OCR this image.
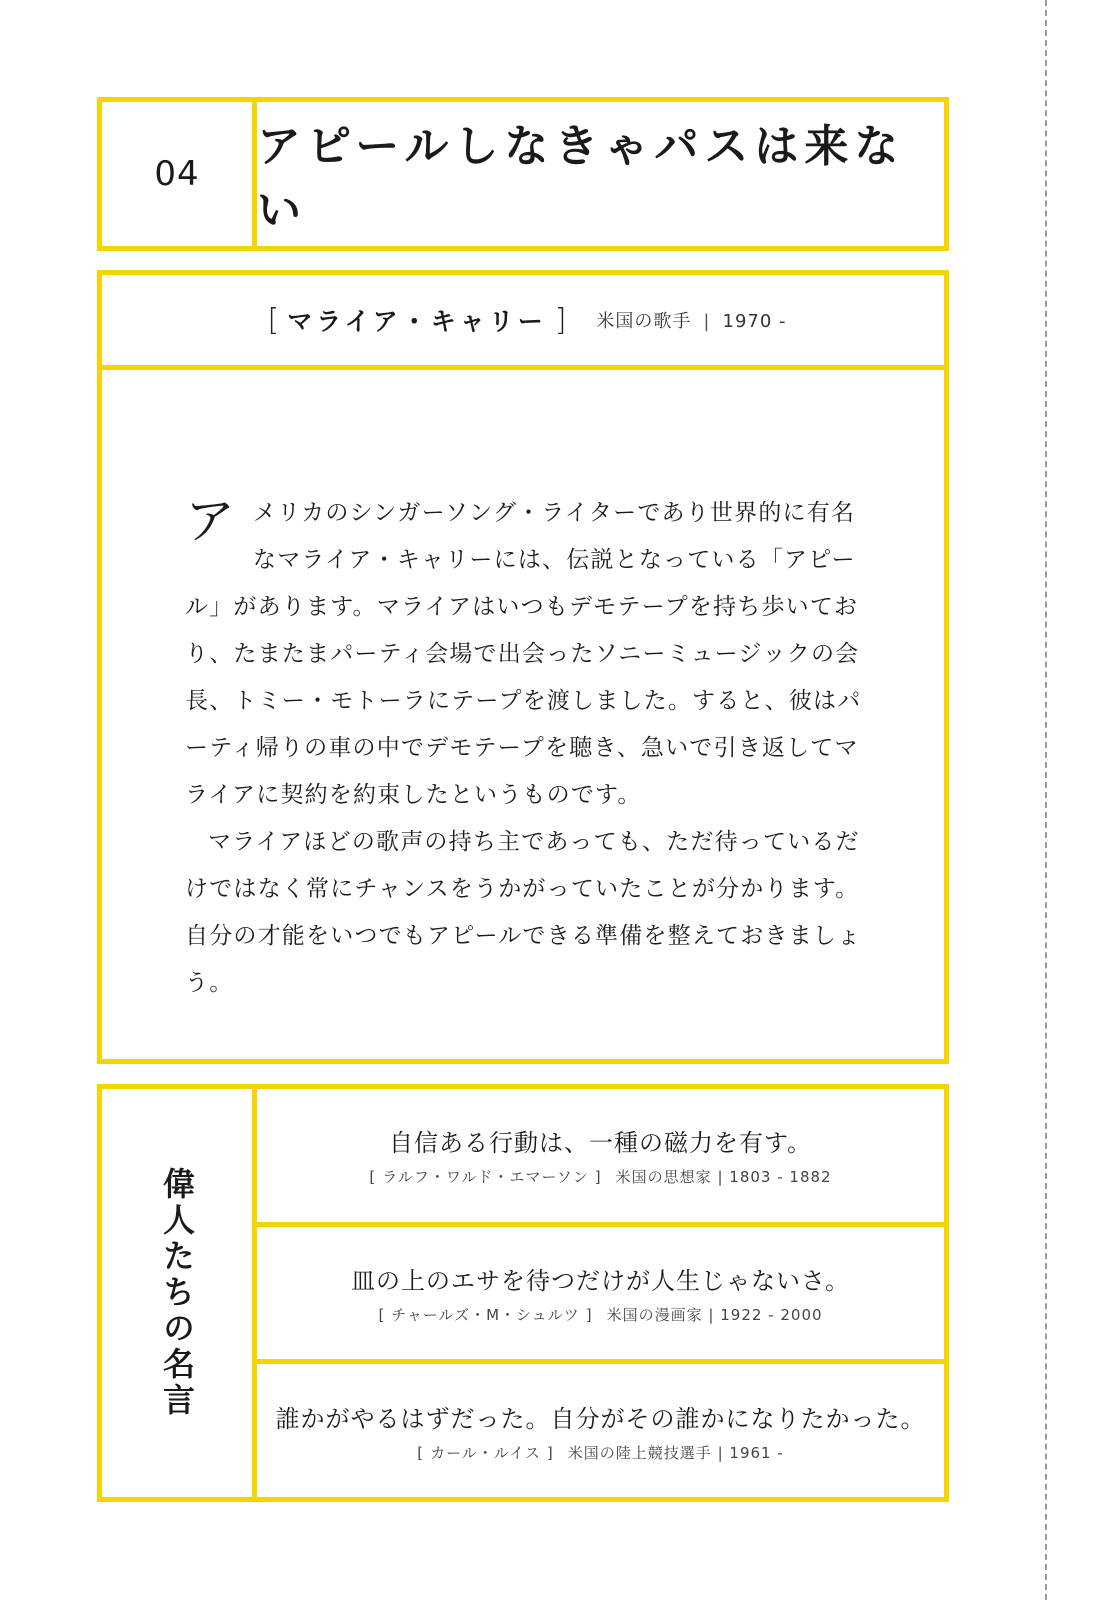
04
アピールしなきゃパスは来ない
[ マライア・キャリー ] 米国の歌手 | 1970 -

アメリカのシンガーソング・ライターであり世界的に有名なマライア・キャリーには、伝説となっている「アピール」があります。マライアはいつもデモテープを持ち歩いており、たまたまパーティ会場で出会ったソニーミュージックの会長、トミー・モトーラにテープを渡しました。すると、彼はパーティ帰りの車の中でデモテープを聴き、急いで引き返してマライアに契約を約束したというものです。

マライアほどの歌声の持ち主であっても、ただ待っているだけではなく常にチャンスをうかがっていたことが分かります。自分の才能をいつでもアピールできる準備を整えておきましょう。

偉人たちの名言
自信ある行動は、一種の磁力を有す。
[ ラルフ・ワルド・エマーソン ] 米国の思想家 | 1803 - 1882
皿の上のエサを待つだけが人生じゃないさ。
[ チャールズ・M・シュルツ ] 米国の漫画家 | 1922 - 2000
誰かがやるはずだった。自分がその誰かになりたかった。
[ カール・ルイス ] 米国の陸上競技選手 | 1961 -
